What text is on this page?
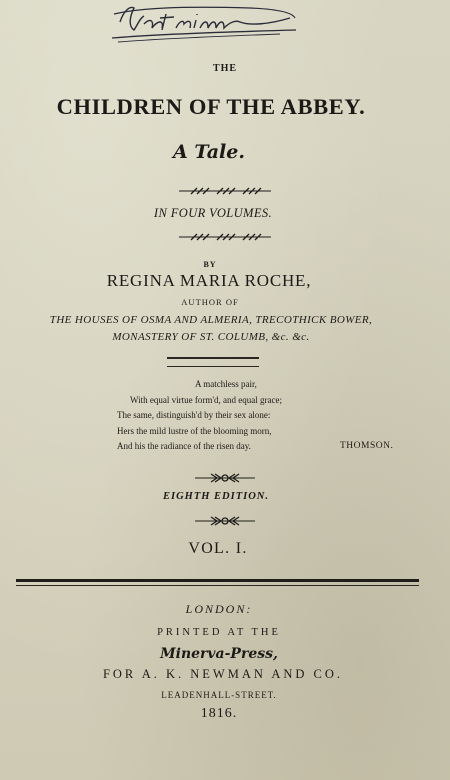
THE
CHILDREN OF THE ABBEY.
A Tale.
IN FOUR VOLUMES.
BY
REGINA MARIA ROCHE,
AUTHOR OF
THE HOUSES OF OSMA AND ALMERIA, TRECOTHICK BOWER,
MONASTERY OF ST. COLUMB, &c. &c.
A matchless pair,
With equal virtue form'd, and equal grace;
The same, distinguish'd by their sex alone:
Hers the mild lustre of the blooming morn,
And his the radiance of the risen day.	THOMSON.
EIGHTH EDITION.
VOL. I.
LONDON:
PRINTED AT THE
Minerva-Press,
FOR A. K. NEWMAN AND CO.
LEADENHALL-STREET.
1816.
